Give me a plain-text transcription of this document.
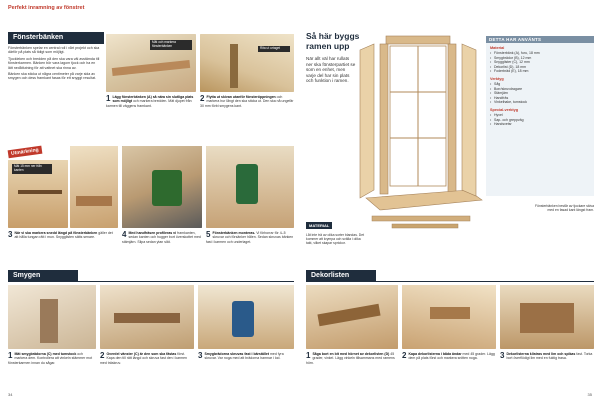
Perfekt inramning av fönstret
Fönsterbänken

Fönsterbänken spelar en central roll i vårt projekt och ska därför på plats så tidigt som möjligt.

Tjockleken och bredden på den ska vara väl avstämda till fönsterkarmen. Bänken bör vara lagom tjock och ha en lätt nedåtlutning för att vattnet ska rinna av.

Bänken ska sticka ut några centimeter på varje sida av smygen och dess framkant fasas för ett snyggt resultat.

Mät och markera fönsterbänken
Rita ut urtaget
1 Lägg fönsterbänken (A) så nära sin slutliga plats som möjligt och markera bredden. Mät djupet från karmen till väggens framkant.
2 Flytta ut skivan utanför fönsteröppningen och markera hur långt den ska sticka ut. Den ska nå ungefär 30 mm förbi smygens kant.
Utmärkning
Mät 15 mm ner från kanten
3 När vi ska markera snedd längd på fönsterbänken gäller det att hålla tungan rätt i mun. Snygglisten sätts senare.	4 Med handfräsen profileras vi framkanten, sedan kanten och hugger bort överskottet med stämjärn. Slipa sedan ytan slät.
5 Fönsterbänken monteras. Vi förborrar för 4–5 skruvar och försänker hålen. Sedan skruvas bänken fast i karmen och underlaget.
Smygen
1 Mät smygbrädorna (C) med tumstock och markera dem. Kontrollera att vinkeln stämmer mot fönsterkarmen innan du sågar.
2 Överdel vänster (C) är den som ska fästas först. Kapa den till rätt längd och skruva fast den i karmen med träskruv.
3 Smygbrädorna skruvas fast i bärstället med fyra skruvar. Var noga med att brädorna hamnar i lod.
34
Så här byggs ramen upp
När allt väl har rullats ner ska fönsterpartiet se som en enhet, men varje del har sin plats och funktion i ramen.
MATERIAL
Låt inte trä av olika sorter blandas. Det kommer att krympa och svälla i olika takt, vilket skapar sprickor.
DETTA HAR ANVÄNTS
Material
• Fönsterbänk (A), furu, 18 mm
• Smygbrädor (B), 12 mm
• Snygglister (C), 12 mm
• Dekorlist (D), 18 mm
• Foderbräd (E), 18 mm
Verktyg
• Såg
• Borr/skruvdragare
• Stämjärn
• Handfräs
• Vinkelhake, tumstock
Special-verktyg
• Hyvel
• Sap- och greppväg
• Handsvetsr
Fönsterbänken består av tjockare skiva med en fasad kant längst fram.
Dekorlisten
1 Såga bort en bit med hörnet av dekorlisten (D) 45 grader, vinkel. Lägg vinkeln tillsammans med ramens hörn.
2 Kapa dekorlisterna i båda ändar med 45 grader. Lägg dem på plats först och markera snitten noga.	3 Dekorlisterna klistras med lim och spikas fast. Torka bort överflödigt lim med en fuktig trasa.
35
